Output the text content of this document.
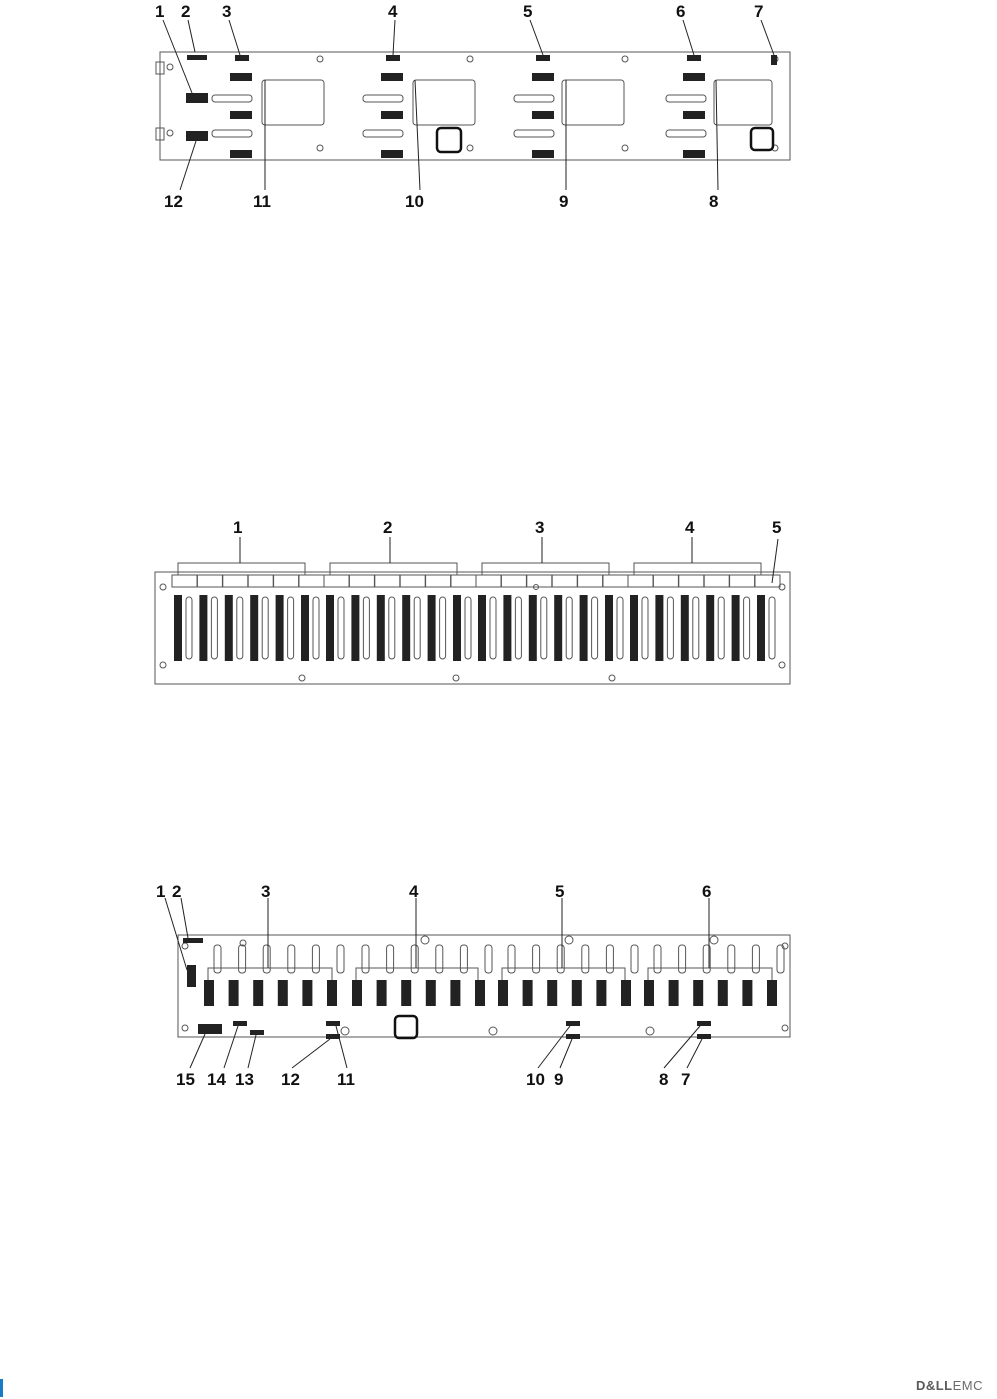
1 2 3	4	5	6	7
12	11	10	9	8
1	2	3	4	5
1 2	3	4	5	6
15 14 13 12 11	10 9	8 7
D&LLEMC
